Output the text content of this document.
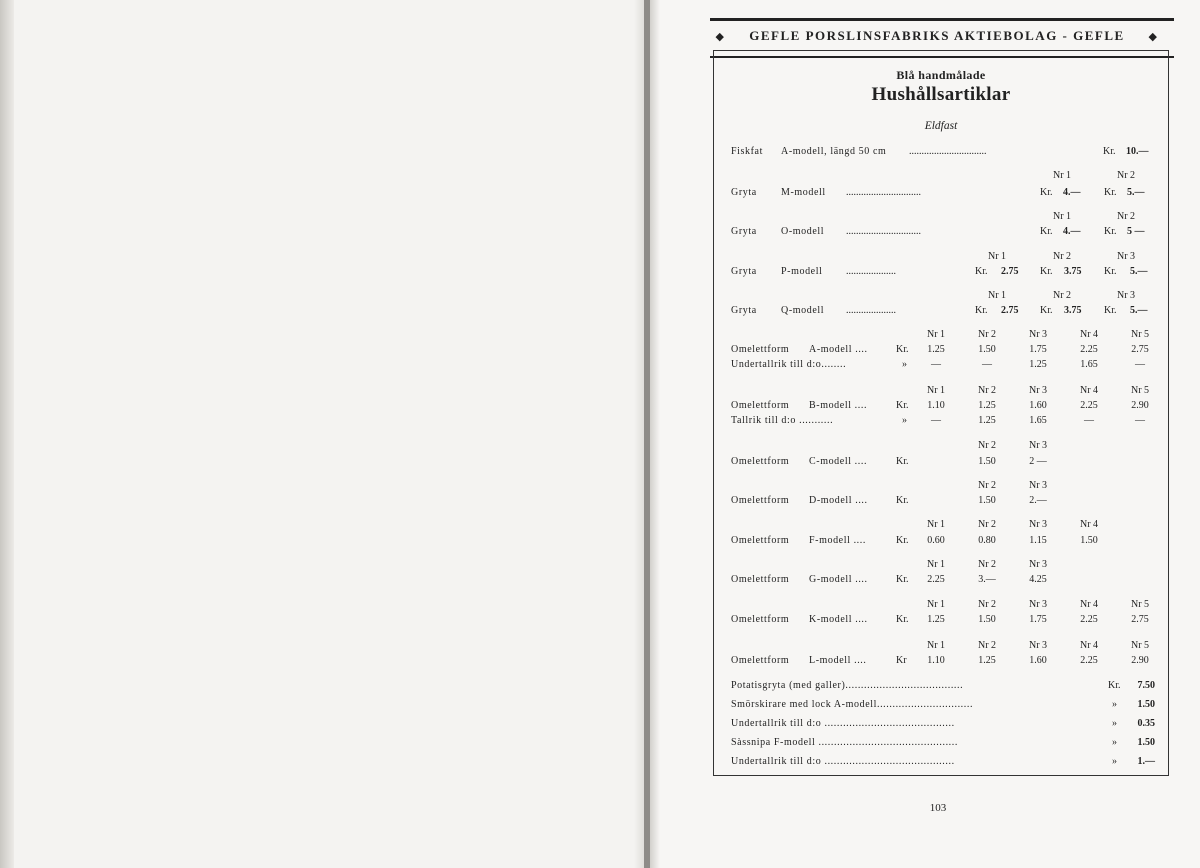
◆ GEFLE PORSLINSFABRIKS AKTIEBOLAG - GEFLE ◆
Blå handmålade
Hushållsartiklar
Eldfast
Fiskfat A-modell, längd 50 cm ...............................	Kr. 10.—
Nr 1	Nr 2
Gryta M-modell ..............................	Kr. 4.— Kr. 5.—
Nr 1	Nr 2
Gryta O-modell ..............................	Kr. 4.— Kr. 5 —
Nr 1	Nr 2	Nr 3
Gryta P-modell ....................	Kr. 2.75 Kr. 3.75 Kr. 5.—
Nr 1	Nr 2	Nr 3
Gryta Q-modell ....................	Kr. 2.75 Kr. 3.75 Kr. 5.—
Nr 1	Nr 2	Nr 3	Nr 4	Nr 5
Omelettform A-modell ....	Kr.	1.25	1.50	1.75	2.25	2.75
Undertallrik till d:o........	»	—	—	1.25	1.65	—
Nr 1	Nr 2	Nr 3	Nr 4	Nr 5
Omelettform B-modell ....	Kr.	1.10	1.25	1.60	2.25	2.90
Tallrik till d:o ...........	»	—	1.25	1.65	—	—
Nr 2	Nr 3
Omelettform C-modell ....	Kr.	1.50	2 —
Nr 2	Nr 3
Omelettform D-modell ....	Kr.	1.50	2.—
Nr 1	Nr 2	Nr 3	Nr 4
Omelettform F-modell ....	Kr.	0.60	0.80	1.15	1.50
Nr 1	Nr 2	Nr 3
Omelettform G-modell ....	Kr.	2.25	3.—	4.25
Nr 1	Nr 2	Nr 3	Nr 4	Nr 5
Omelettform K-modell ....	Kr.	1.25	1.50	1.75	2.25	2.75
Nr 1	Nr 2	Nr 3	Nr 4	Nr 5
Omelettform L-modell ....	Kr	1.10	1.25	1.60	2.25	2.90
Potatisgryta (med galler)......................................	Kr.	7.50
Smörskirare med lock A-modell...............................	»	1.50
Undertallrik till d:o ..........................................	»	0.35
Sàssnipa F-modell .............................................	»	1.50
Undertallrik till d:o ..........................................	»	1.—
103
